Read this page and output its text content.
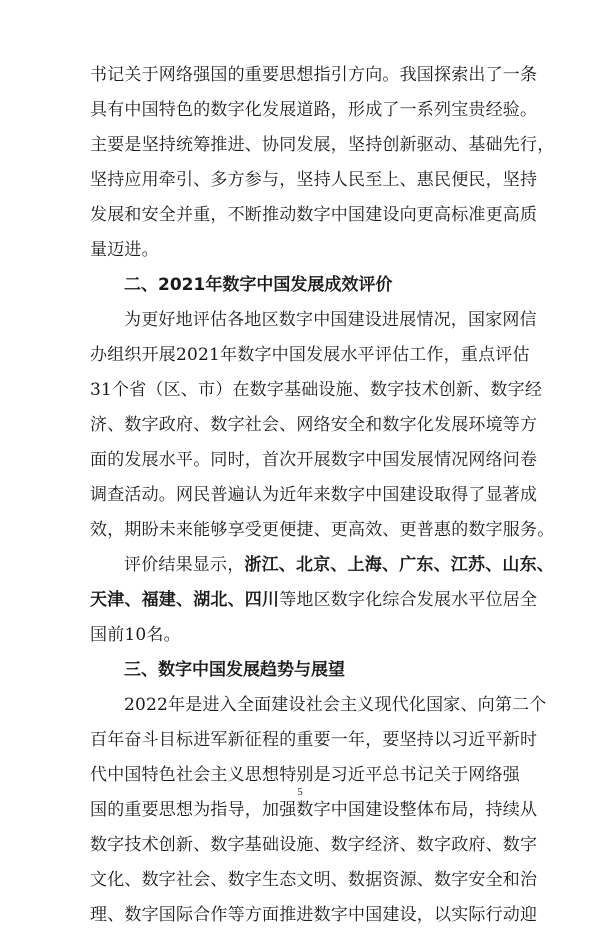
书记关于网络强国的重要思想指引方向。我国探索出了一条
具有中国特色的数字化发展道路，形成了一系列宝贵经验。
主要是坚持统筹推进、协同发展，坚持创新驱动、基础先行，
坚持应用牵引、多方参与，坚持人民至上、惠民便民，坚持
发展和安全并重，不断推动数字中国建设向更高标准更高质
量迈进。
二、2021年数字中国发展成效评价
为更好地评估各地区数字中国建设进展情况，国家网信
办组织开展2021年数字中国发展水平评估工作，重点评估
31个省（区、市）在数字基础设施、数字技术创新、数字经
济、数字政府、数字社会、网络安全和数字化发展环境等方
面的发展水平。同时，首次开展数字中国发展情况网络问卷
调查活动。网民普遍认为近年来数字中国建设取得了显著成
效，期盼未来能够享受更便捷、更高效、更普惠的数字服务。
评价结果显示，浙江、北京、上海、广东、江苏、山东、
天津、福建、湖北、四川等地区数字化综合发展水平位居全
国前10名。
三、数字中国发展趋势与展望
2022年是进入全面建设社会主义现代化国家、向第二个
百年奋斗目标进军新征程的重要一年，要坚持以习近平新时
代中国特色社会主义思想特别是习近平总书记关于网络强
国的重要思想为指导，加强数字中国建设整体布局，持续从
数字技术创新、数字基础设施、数字经济、数字政府、数字
文化、数字社会、数字生态文明、数据资源、数字安全和治
理、数字国际合作等方面推进数字中国建设，以实际行动迎
5
